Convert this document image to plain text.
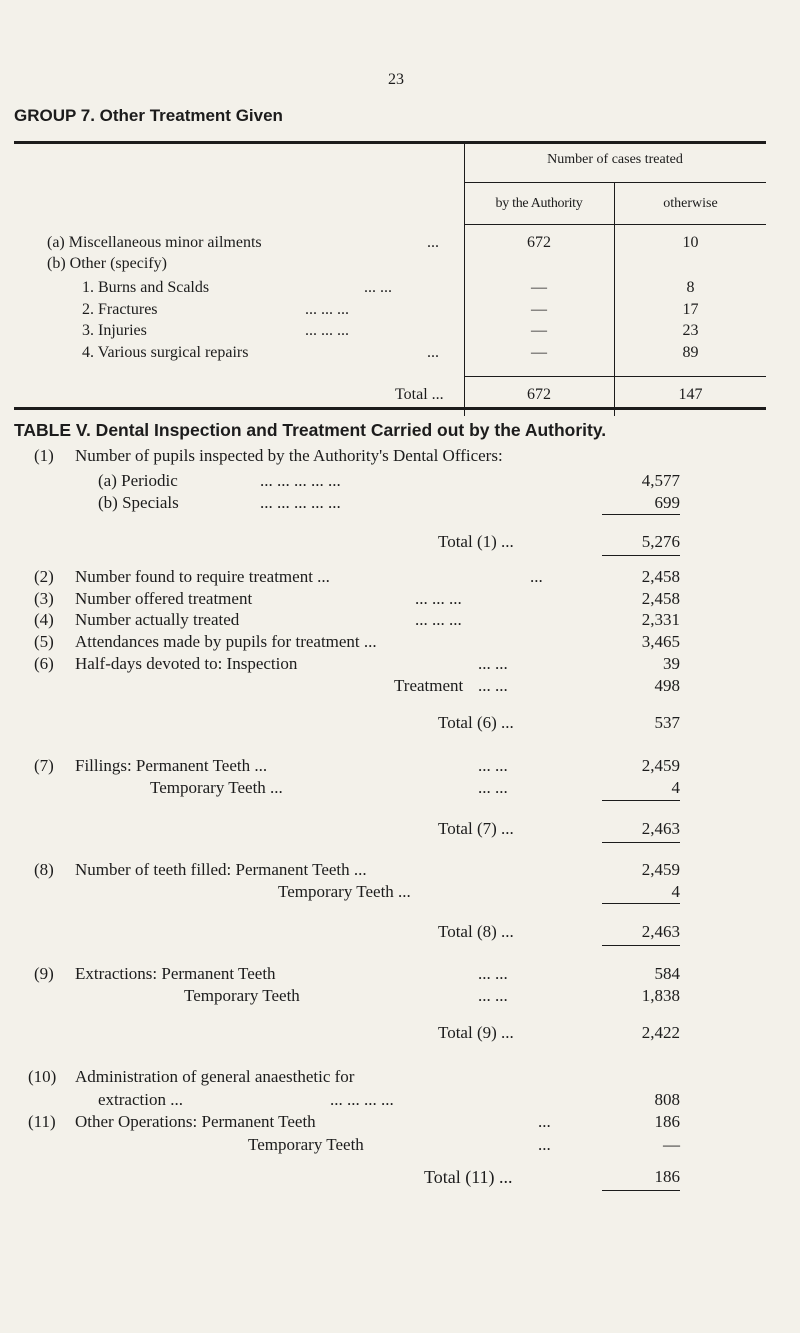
23
GROUP 7. Other Treatment Given
Number of cases treated
by the Authority	otherwise
(a) Miscellaneous minor ailments	...	672	10
(b) Other (specify)
1. Burns and Scalds	... ...	—	8
2. Fractures	... ... ...	—	17
3. Injuries	... ... ...	—	23
4. Various surgical repairs	...	—	89
Total ...	672	147
TABLE V. Dental Inspection and Treatment Carried out by the Authority.
(1) Number of pupils inspected by the Authority's Dental Officers:
(a) Periodic	... ... ... ... ...	4,577
(b) Specials	... ... ... ... ...	699
Total (1) ...	5,276
(2) Number found to require treatment ...	...	2,458
(3) Number offered treatment	... ... ...	2,458
(4) Number actually treated	... ... ...	2,331
(5) Attendances made by pupils for treatment ...	3,465
(6) Half-days devoted to: Inspection	... ...	39
Treatment ... ...	498
Total (6) ...	537
(7) Fillings: Permanent Teeth ...	... ...	2,459
Temporary Teeth ...	... ...	4
Total (7) ...	2,463
(8) Number of teeth filled: Permanent Teeth ...	2,459
Temporary Teeth ...	4
Total (8) ...	2,463
(9) Extractions: Permanent Teeth	... ...	584
Temporary Teeth	... ...	1,838
Total (9) ...	2,422
(10) Administration of general anaesthetic for
extraction ...	... ... ... ...	808
(11) Other Operations: Permanent Teeth	...	186
Temporary Teeth	...	—
Total (11) ...	186
